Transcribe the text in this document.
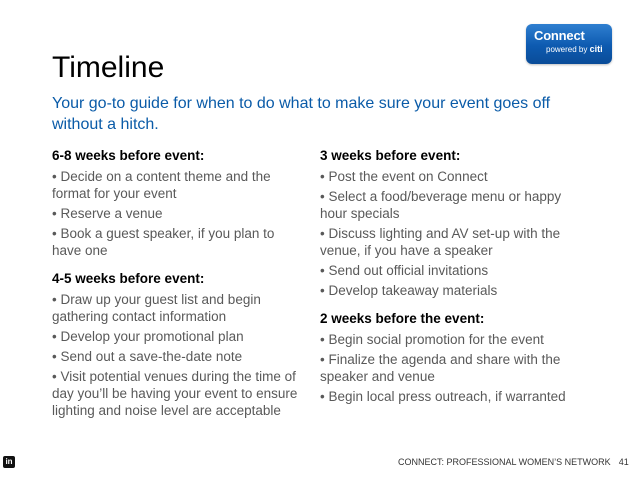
Connect
powered by citi
Timeline

Your go-to guide for when to do what to make sure your event goes off without a hitch.

6-8 weeks before event:
• Decide on a content theme and the format for your event
• Reserve a venue
• Book a guest speaker, if you plan to have one
4-5 weeks before event:
• Draw up your guest list and begin gathering contact information
• Develop your promotional plan
• Send out a save-the-date note
• Visit potential venues during the time of day you’ll be having your event to ensure lighting and noise level are acceptable
3 weeks before event:
• Post the event on Connect
• Select a food/beverage menu or happy hour specials
• Discuss lighting and AV set-up with the venue, if you have a speaker
• Send out official invitations
• Develop takeaway materials
2 weeks before the event:
• Begin social promotion for the event
• Finalize the agenda and share with the speaker and venue
• Begin local press outreach, if warranted
in	CONNECT: PROFESSIONAL WOMEN’S NETWORK 41
